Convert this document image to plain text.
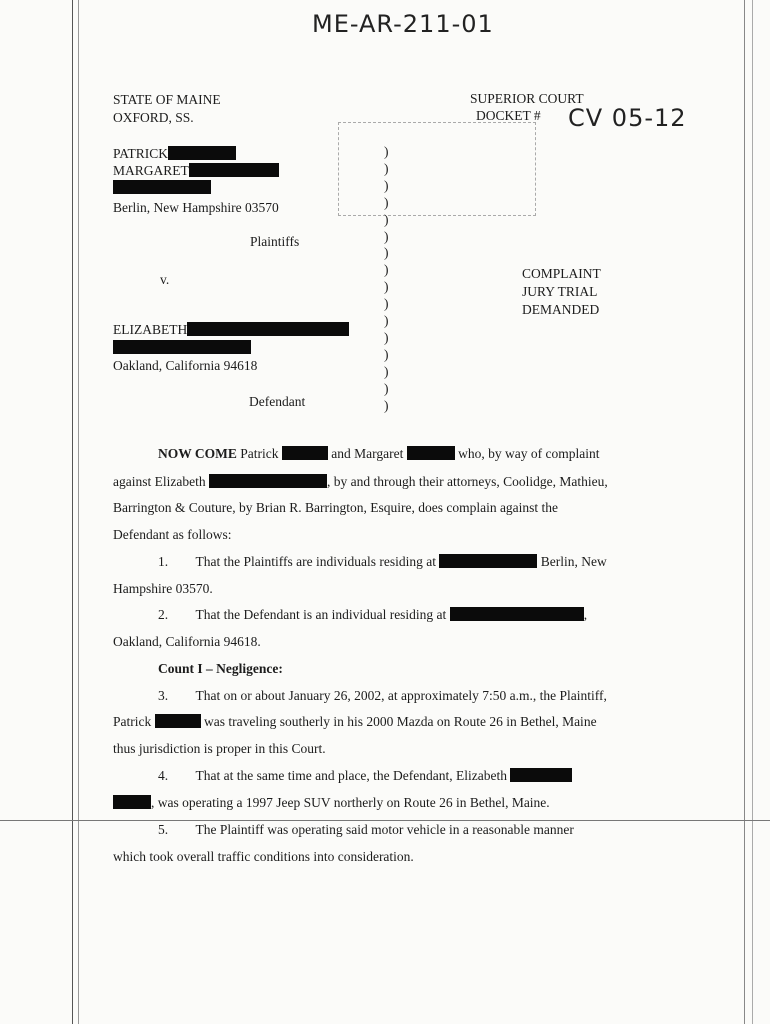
ME-AR-211-01
CV 05-12
STATE OF MAINE
OXFORD, SS.
SUPERIOR COURT
DOCKET #
PATRICK
MARGARET
Berlin, New Hampshire 03570
Plaintiffs
v.
ELIZABETH
Oakland, California 94618
Defendant
)
)
)
)
)
)
)
)
)
)
)
)
)
)
)
)
COMPLAINT
JURY TRIAL
DEMANDED
NOW COME Patrick	and Margaret	who, by way of complaint
against Elizabeth	, by and through their attorneys, Coolidge, Mathieu,
Barrington & Couture, by Brian R. Barrington, Esquire, does complain against the
Defendant as follows:
1. That the Plaintiffs are individuals residing at	Berlin, New
Hampshire 03570.
2. That the Defendant is an individual residing at	,
Oakland, California 94618.
Count I – Negligence:
3. That on or about January 26, 2002, at approximately 7:50 a.m., the Plaintiff,
Patrick	was traveling southerly in his 2000 Mazda on Route 26 in Bethel, Maine
thus jurisdiction is proper in this Court.
4. That at the same time and place, the Defendant, Elizabeth
, was operating a 1997 Jeep SUV northerly on Route 26 in Bethel, Maine.
5. The Plaintiff was operating said motor vehicle in a reasonable manner
which took overall traffic conditions into consideration.
